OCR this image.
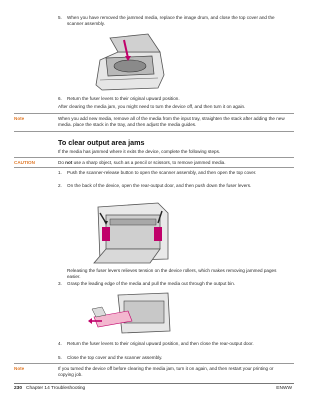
5. When you have removed the jammed media, replace the image drum, and close the top cover and the scanner assembly.
6. Return the fuser levers to their original upward position.
After clearing the media jam, you might need to turn the device off, and then turn it on again.
Note	When you add new media, remove all of the media from the input tray, straighten the stack after adding the new media. place the stack in the tray, and then adjust the media guides.
To clear output area jams
If the media has jammed where it exits the device, complete the following steps.
CAUTION	Do not use a sharp object, such as a pencil or scissors, to remove jammed media.
1. Push the scanner-release button to open the scanner assembly, and then open the top cover.
2. On the back of the device, open the rear-output door, and then push down the fuser levers.
Releasing the fuser levers relieves tension on the device rollers, which makes removing jammed pages easier.
3. Grasp the leading edge of the media and pull the media out through the output bin.
4. Return the fuser levers to their original upward position, and then close the rear-output door.
5. Close the top cover and the scanner assembly.
Note	If you turned the device off before clearing the media jam, turn it on again, and then restart your printing or copying job.
230 Chapter 14 Troubleshooting	ENWW
